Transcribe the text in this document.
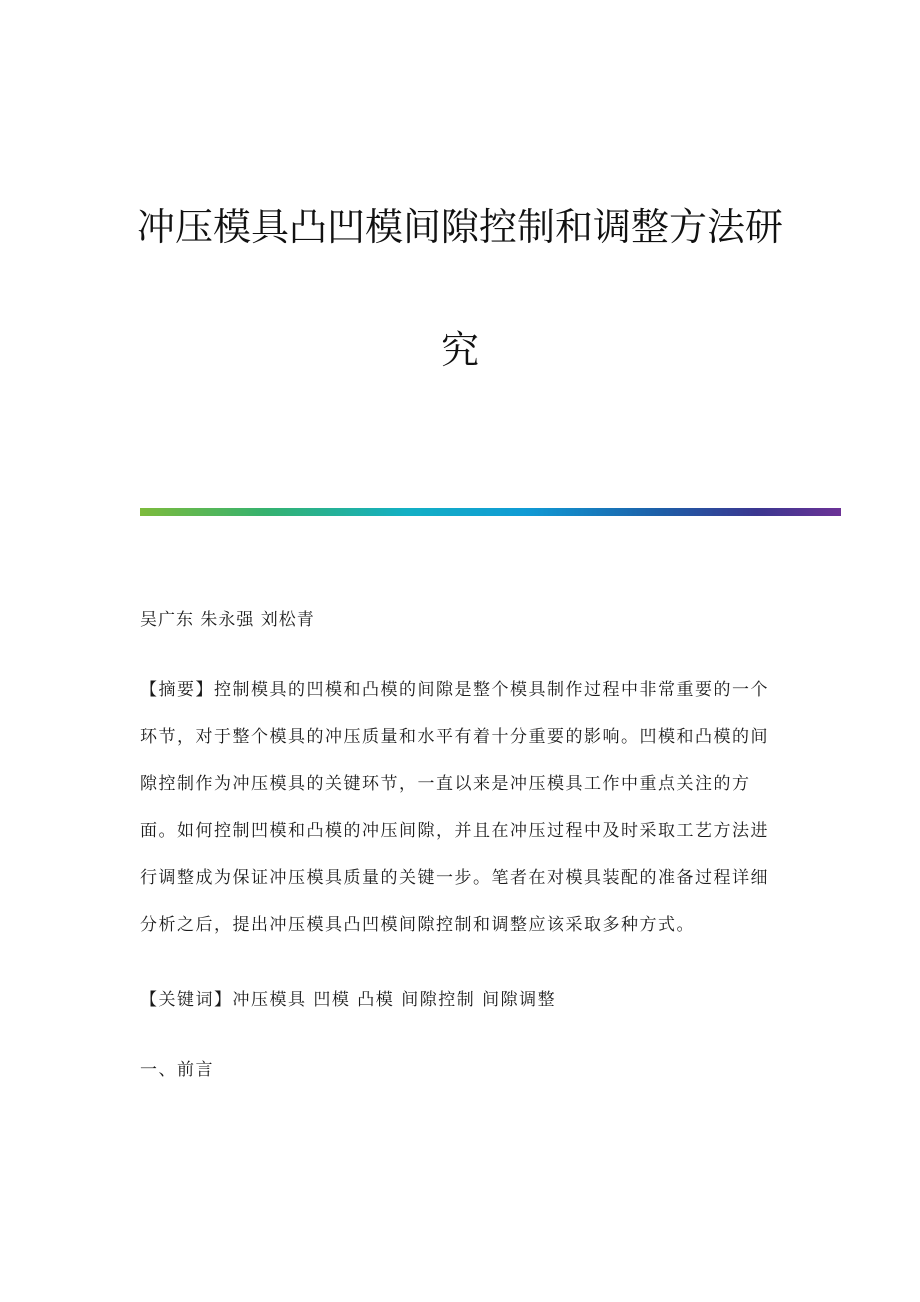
冲压模具凸凹模间隙控制和调整方法研
究
吴广东 朱永强 刘松青
【摘要】控制模具的凹模和凸模的间隙是整个模具制作过程中非常重要的一个
环节，对于整个模具的冲压质量和水平有着十分重要的影响。凹模和凸模的间
隙控制作为冲压模具的关键环节，一直以来是冲压模具工作中重点关注的方
面。如何控制凹模和凸模的冲压间隙，并且在冲压过程中及时采取工艺方法进
行调整成为保证冲压模具质量的关键一步。笔者在对模具装配的准备过程详细
分析之后，提出冲压模具凸凹模间隙控制和调整应该采取多种方式。
【关键词】冲压模具 凹模 凸模 间隙控制 间隙调整
一、前言
